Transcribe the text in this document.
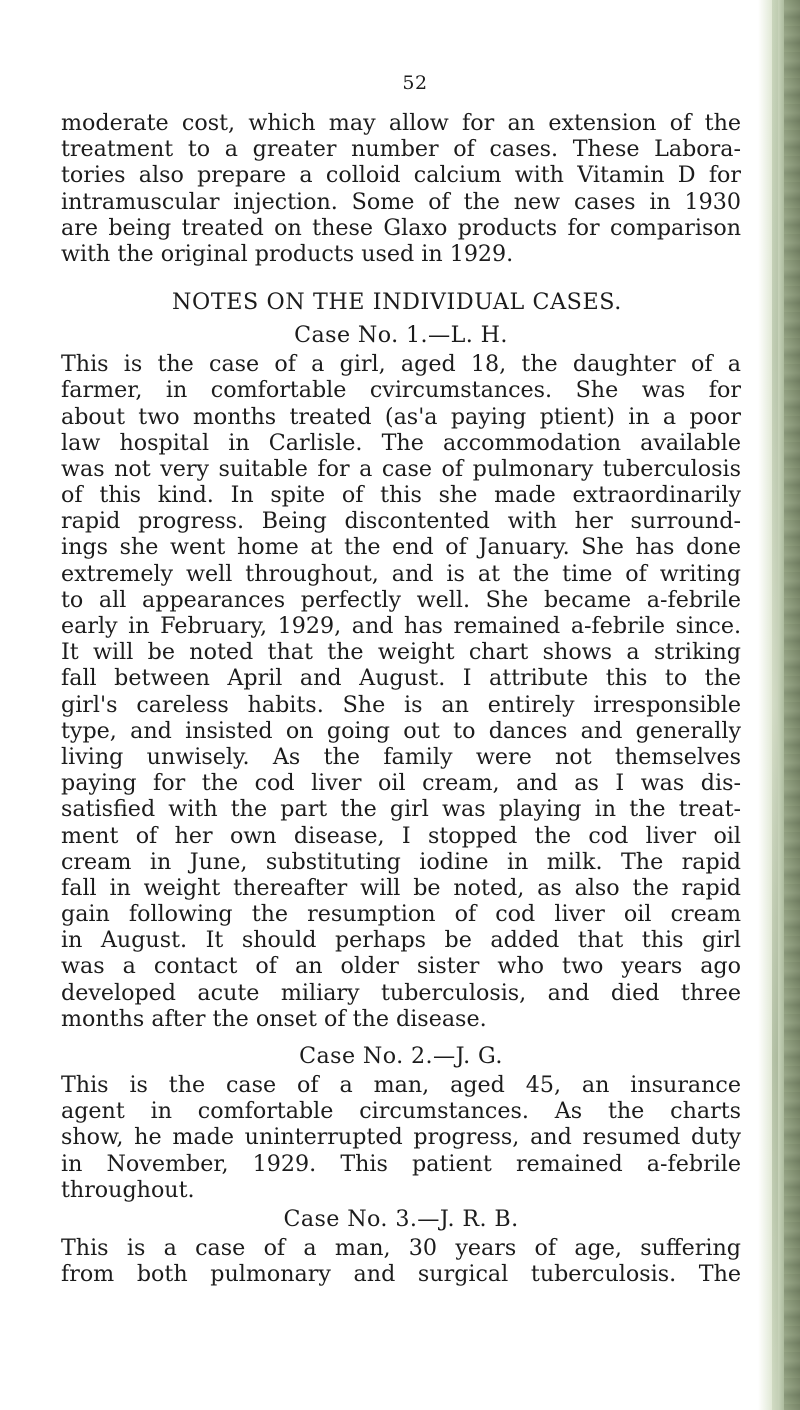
52
moderate cost, which may allow for an extension of the
treatment to a greater number of cases. These Labora-
tories also prepare a colloid calcium with Vitamin D for
intramuscular injection. Some of the new cases in 1930
are being treated on these Glaxo products for comparison
with the original products used in 1929.
NOTES ON THE INDIVIDUAL CASES.
Case No. 1.—L. H.
This is the case of a girl, aged 18, the daughter of a
farmer, in comfortable cvircumstances. She was for
about two months treated (as'a paying ptient) in a poor
law hospital in Carlisle. The accommodation available
was not very suitable for a case of pulmonary tuberculosis
of this kind. In spite of this she made extraordinarily
rapid progress. Being discontented with her surround-
ings she went home at the end of January. She has done
extremely well throughout, and is at the time of writing
to all appearances perfectly well. She became a-febrile
early in February, 1929, and has remained a-febrile since.
It will be noted that the weight chart shows a striking
fall between April and August. I attribute this to the
girl's careless habits. She is an entirely irresponsible
type, and insisted on going out to dances and generally
living unwisely. As the family were not themselves
paying for the cod liver oil cream, and as I was dis-
satisfied with the part the girl was playing in the treat-
ment of her own disease, I stopped the cod liver oil
cream in June, substituting iodine in milk. The rapid
fall in weight thereafter will be noted, as also the rapid
gain following the resumption of cod liver oil cream
in August. It should perhaps be added that this girl
was a contact of an older sister who two years ago
developed acute miliary tuberculosis, and died three
months after the onset of the disease.
Case No. 2.—J. G.
This is the case of a man, aged 45, an insurance
agent in comfortable circumstances. As the charts
show, he made uninterrupted progress, and resumed duty
in November, 1929. This patient remained a-febrile
throughout.
Case No. 3.—J. R. B.
This is a case of a man, 30 years of age, suffering
from both pulmonary and surgical tuberculosis. The
